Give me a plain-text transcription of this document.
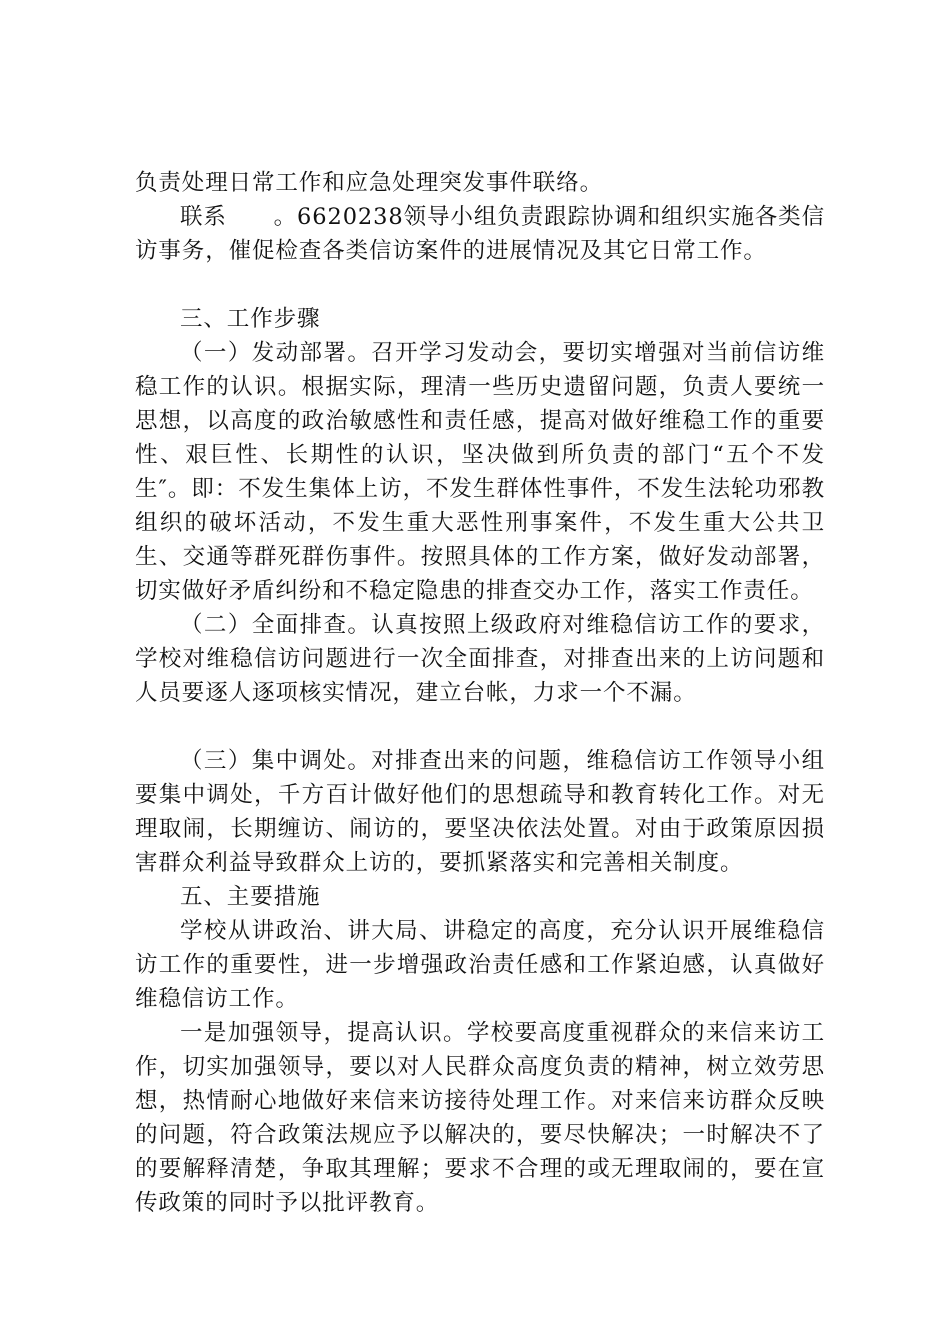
负责处理日常工作和应急处理突发事件联络。

联系　　。6620238领导小组负责跟踪协调和组织实施各类信访事务，催促检查各类信访案件的进展情况及其它日常工作。

三、工作步骤

（一）发动部署。召开学习发动会，要切实增强对当前信访维稳工作的认识。根据实际，理清一些历史遗留问题，负责人要统一思想，以高度的政治敏感性和责任感，提高对做好维稳工作的重要性、艰巨性、长期性的认识，坚决做到所负责的部门“五个不发生″。即：不发生集体上访，不发生群体性事件，不发生法轮功邪教组织的破坏活动，不发生重大恶性刑事案件，不发生重大公共卫生、交通等群死群伤事件。按照具体的工作方案，做好发动部署，切实做好矛盾纠纷和不稳定隐患的排查交办工作，落实工作责任。

（二）全面排查。认真按照上级政府对维稳信访工作的要求，学校对维稳信访问题进行一次全面排查，对排查出来的上访问题和人员要逐人逐项核实情况，建立台帐，力求一个不漏。

（三）集中调处。对排查出来的问题，维稳信访工作领导小组要集中调处，千方百计做好他们的思想疏导和教育转化工作。对无理取闹，长期缠访、闹访的，要坚决依法处置。对由于政策原因损害群众利益导致群众上访的，要抓紧落实和完善相关制度。

五、主要措施

学校从讲政治、讲大局、讲稳定的高度，充分认识开展维稳信访工作的重要性，进一步增强政治责任感和工作紧迫感，认真做好维稳信访工作。

一是加强领导，提高认识。学校要高度重视群众的来信来访工作，切实加强领导，要以对人民群众高度负责的精神，树立效劳思想，热情耐心地做好来信来访接待处理工作。对来信来访群众反映的问题，符合政策法规应予以解决的，要尽快解决；一时解决不了的要解释清楚，争取其理解；要求不合理的或无理取闹的，要在宣传政策的同时予以批评教育。
